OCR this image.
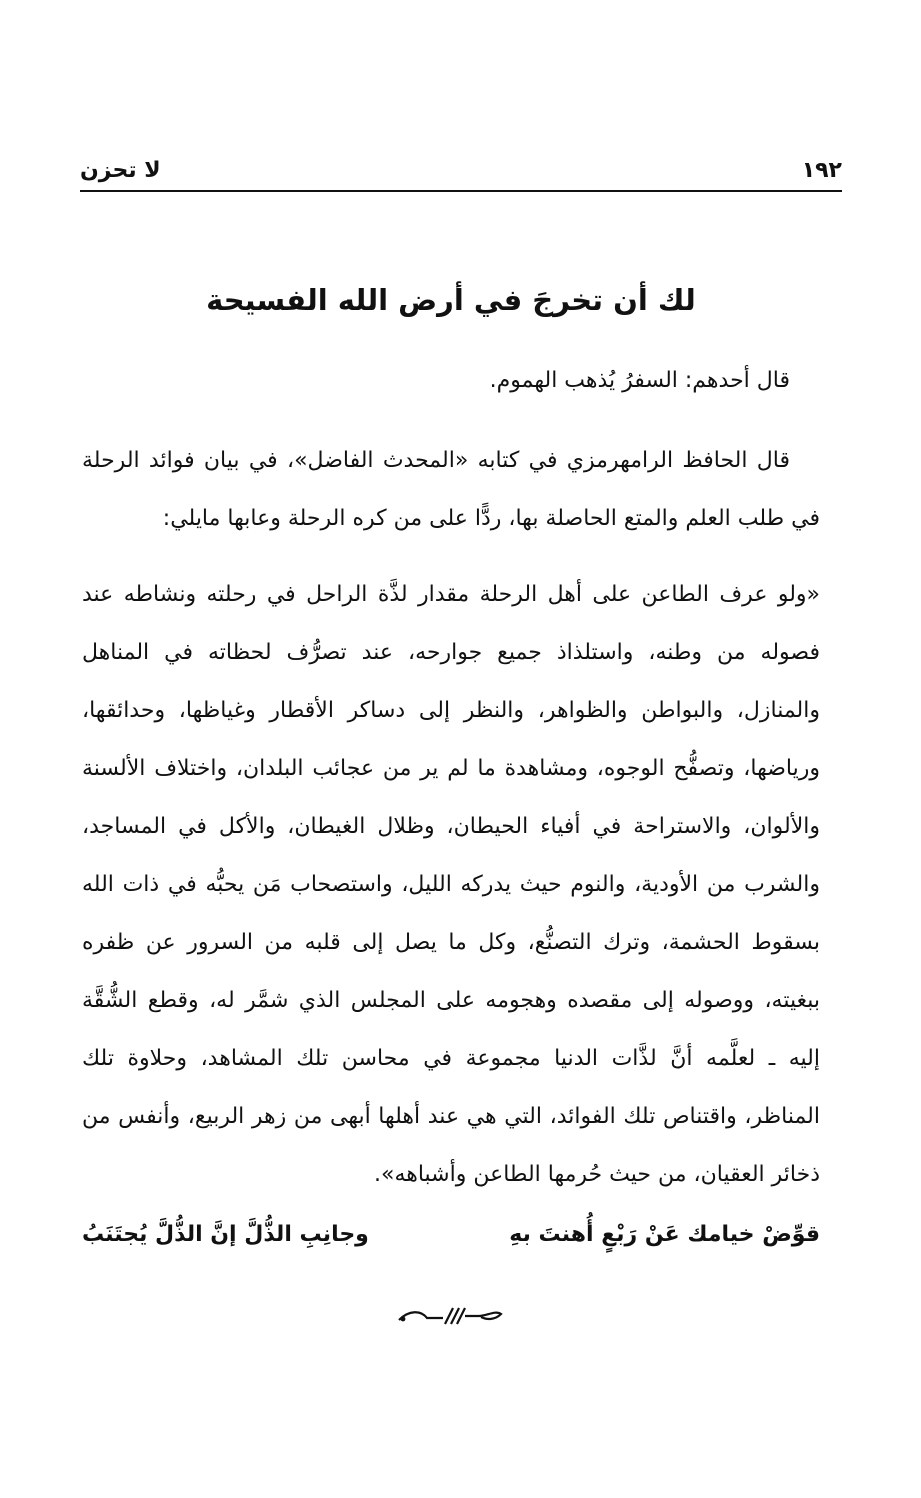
لا تحزن	١٩٢
لك أن تخرجَ في أرض الله الفسيحة

قال أحدهم: السفرُ يُذهب الهموم.

قال الحافظ الرامهرمزي في كتابه «المحدث الفاضل»، في بيان فوائد الرحلة في طلب العلم والمتع الحاصلة بها، ردًّا على من كره الرحلة وعابها مايلي:

«ولو عرف الطاعن على أهل الرحلة مقدار لذَّة الراحل في رحلته ونشاطه عند فصوله من وطنه، واستلذاذ جميع جوارحه، عند تصرُّف لحظاته في المناهل والمنازل، والبواطن والظواهر، والنظر إلى دساكر الأقطار وغياظها، وحدائقها، ورياضها، وتصفُّح الوجوه، ومشاهدة ما لم ير من عجائب البلدان، واختلاف الألسنة والألوان، والاستراحة في أفياء الحيطان، وظلال الغيطان، والأكل في المساجد، والشرب من الأودية، والنوم حيث يدركه الليل، واستصحاب مَن يحبُّه في ذات الله بسقوط الحشمة، وترك التصنُّع، وكل ما يصل إلى قلبه من السرور عن ظفره ببغيته، ووصوله إلى مقصده وهجومه على المجلس الذي شمَّر له، وقطع الشُّقَّة إليه ـ لعلَّمه أنَّ لذَّات الدنيا مجموعة في محاسن تلك المشاهد، وحلاوة تلك المناظر، واقتناص تلك الفوائد، التي هي عند أهلها أبهى من زهر الربيع، وأنفس من ذخائر العقيان، من حيث حُرمها الطاعن وأشباهه».

قوِّضْ خيامك عَنْ رَبْعٍ أُهنتَ بهِ
وجانِبِ الذُّلَّ إنَّ الذُّلَّ يُجتَنَبُ
